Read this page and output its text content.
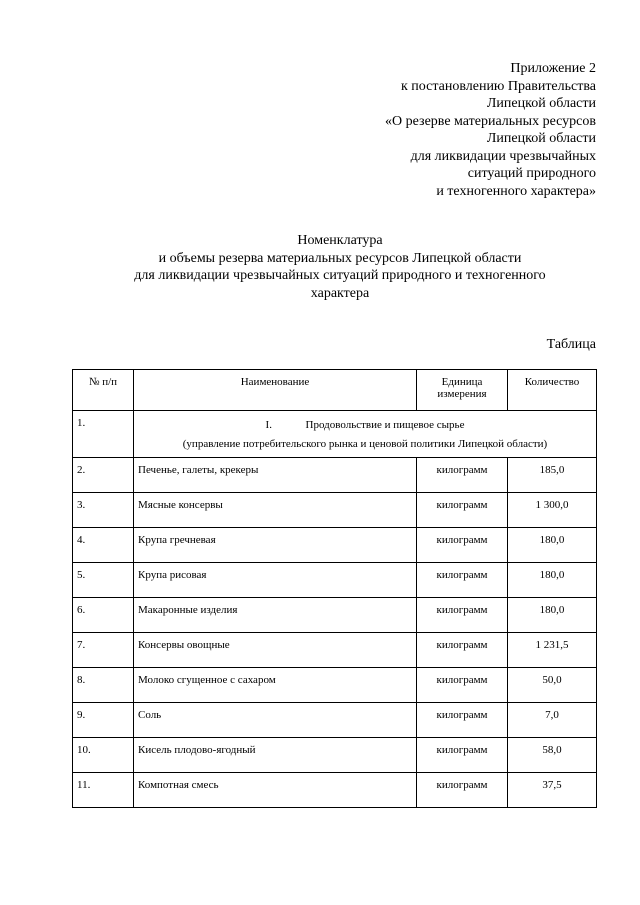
Приложение 2
к постановлению Правительства
Липецкой области
«О резерве материальных ресурсов
Липецкой области
для ликвидации чрезвычайных
ситуаций природного
и техногенного характера»
Номенклатура
и объемы резерва материальных ресурсов Липецкой области
для ликвидации чрезвычайных ситуаций природного и техногенного
характера
Таблица
№ п/п	Наименование	Единица измерения	Количество
1.	I. Продовольствие и пищевое сырье
(управление потребительского рынка и ценовой политики Липецкой области)		

2.	Печенье, галеты, крекеры	килограмм	185,0
3.	Мясные консервы	килограмм	1 300,0
4.	Крупа гречневая	килограмм	180,0
5.	Крупа рисовая	килограмм	180,0
6.	Макаронные изделия	килограмм	180,0
7.	Консервы овощные	килограмм	1 231,5
8.	Молоко сгущенное с сахаром	килограмм	50,0
9.	Соль	килограмм	7,0
10.	Кисель плодово-ягодный	килограмм	58,0
11.	Компотная смесь	килограмм	37,5
